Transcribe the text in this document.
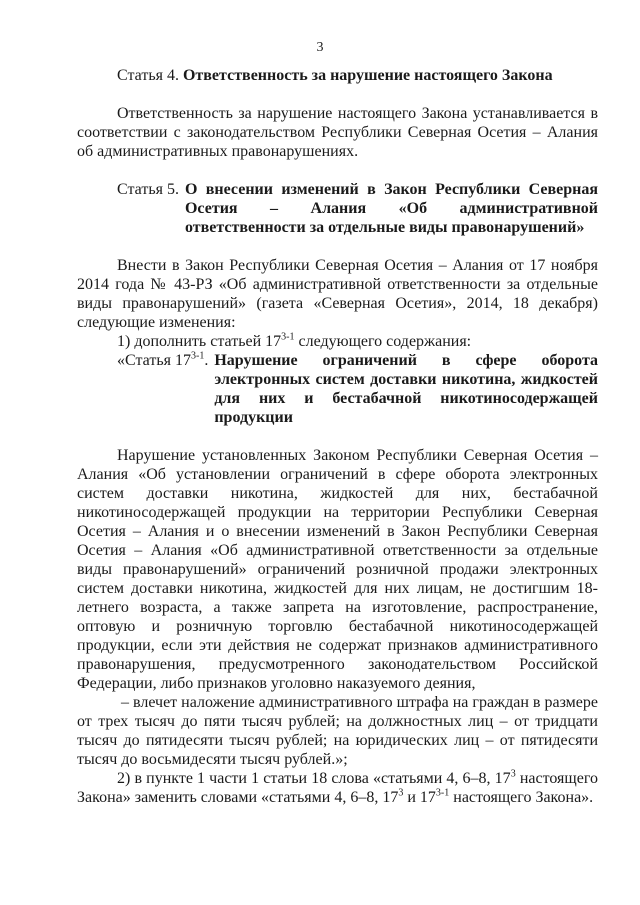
3

Статья 4. Ответственность за нарушение настоящего Закона

Ответственность за нарушение настоящего Закона устанавливается в соответствии с законодательством Республики Северная Осетия – Алания об административных правонарушениях.

Статья 5. О внесении изменений в Закон Республики Северная Осетия – Алания «Об административной ответственности за отдельные виды правонарушений»

Внести в Закон Республики Северная Осетия – Алания от 17 ноября 2014 года № 43-РЗ «Об административной ответственности за отдельные виды правонарушений» (газета «Северная Осетия», 2014, 18 декабря) следующие изменения:

1) дополнить статьей 17$^{3-1}$ следующего содержания:

«Статья 17$^{3-1}$. Нарушение ограничений в сфере оборота электронных систем доставки никотина, жидкостей для них и бестабачной никотиносодержащей продукции

Нарушение установленных Законом Республики Северная Осетия – Алания «Об установлении ограничений в сфере оборота электронных систем доставки никотина, жидкостей для них, бестабачной никотиносодержащей продукции на территории Республики Северная Осетия – Алания и о внесении изменений в Закон Республики Северная Осетия – Алания «Об административной ответственности за отдельные виды правонарушений» ограничений розничной продажи электронных систем доставки никотина, жидкостей для них лицам, не достигшим 18-летнего возраста, а также запрета на изготовление, распространение, оптовую и розничную торговлю бестабачной никотиносодержащей продукции, если эти действия не содержат признаков административного правонарушения, предусмотренного законодательством Российской Федерации, либо признаков уголовно наказуемого деяния,

– влечет наложение административного штрафа на граждан в размере от трех тысяч до пяти тысяч рублей; на должностных лиц – от тридцати тысяч до пятидесяти тысяч рублей; на юридических лиц – от пятидесяти тысяч до восьмидесяти тысяч рублей.»;

2) в пункте 1 части 1 статьи 18 слова «статьями 4, 6–8, $17^3$ настоящего Закона» заменить словами «статьями 4, 6–8, $17^3$ и 17$^{3-1}$ настоящего Закона».
